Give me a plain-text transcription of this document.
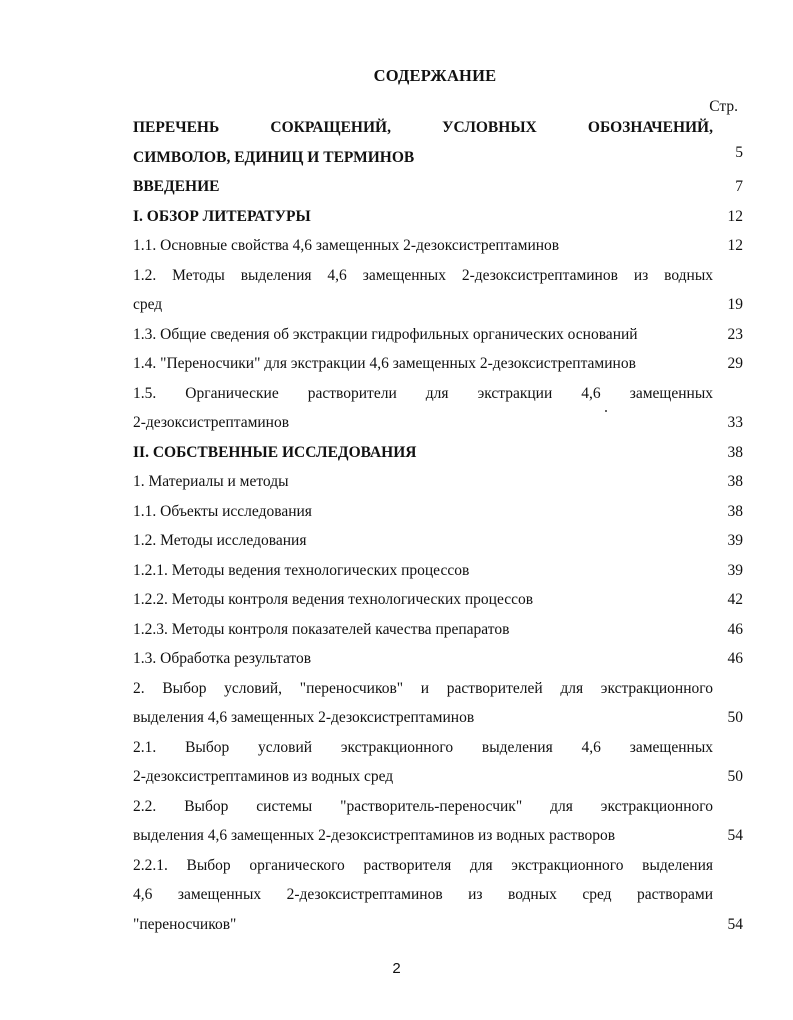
СОДЕРЖАНИЕ
Стр.
ПЕРЕЧЕНЬ СОКРАЩЕНИЙ, УСЛОВНЫХ ОБОЗНАЧЕНИЙ,
СИМВОЛОВ, ЕДИНИЦ И ТЕРМИНОВ	5
ВВЕДЕНИЕ	7
I. ОБЗОР ЛИТЕРАТУРЫ	12
1.1. Основные свойства 4,6 замещенных 2-дезоксистрептаминов	12
1.2. Методы выделения 4,6 замещенных 2-дезоксистрептаминов из водных
сред	19
1.3. Общие сведения об экстракции гидрофильных органических оснований	23
1.4. "Переносчики" для экстракции 4,6 замещенных 2-дезоксистрептаминов	29
1.5. Органические растворители для экстракции 4,6 замещенных
2-дезоксистрептаминов	33
II. СОБСТВЕННЫЕ ИССЛЕДОВАНИЯ	38
1. Материалы и методы	38
1.1. Объекты исследования	38
1.2. Методы исследования	39
1.2.1. Методы ведения технологических процессов	39
1.2.2. Методы контроля ведения технологических процессов	42
1.2.3. Методы контроля показателей качества препаратов	46
1.3. Обработка результатов	46
2. Выбор условий, "переносчиков" и растворителей для экстракционного
выделения 4,6 замещенных 2-дезоксистрептаминов	50
2.1. Выбор условий экстракционного выделения 4,6 замещенных
2-дезоксистрептаминов из водных сред	50
2.2. Выбор системы "растворитель-переносчик" для экстракционного
выделения 4,6 замещенных 2-дезоксистрептаминов из водных растворов	54
2.2.1. Выбор органического растворителя для экстракционного выделения
4,6 замещенных 2-дезоксистрептаминов из водных сред растворами
"переносчиков"	54
2
